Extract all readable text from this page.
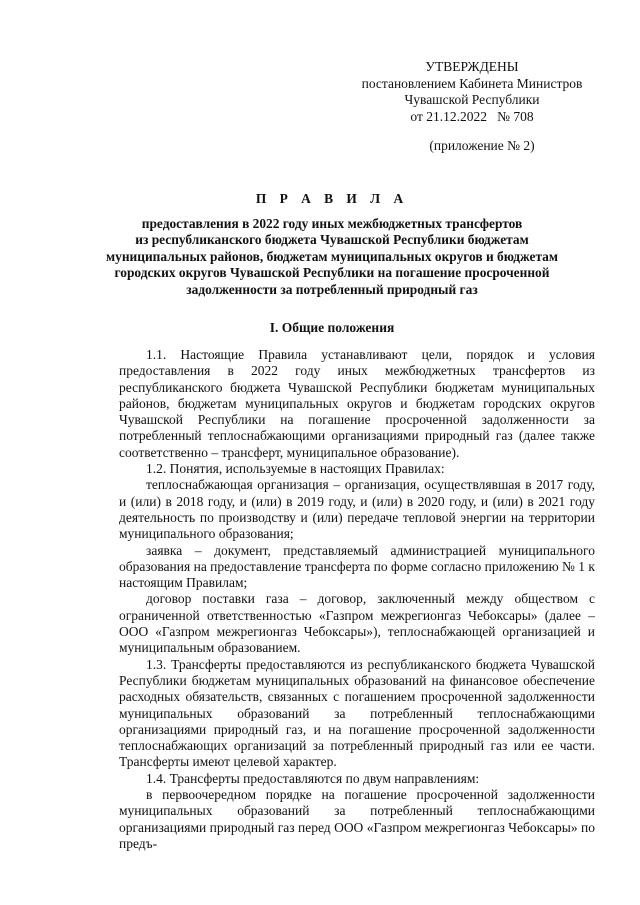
УТВЕРЖДЕНЫ
постановлением Кабинета Министров
Чувашской Республики
от 21.12.2022   № 708
(приложение № 2)
П Р А В И Л А
предоставления в 2022 году иных межбюджетных трансфертов
из республиканского бюджета Чувашской Республики бюджетам
муниципальных районов, бюджетам муниципальных округов и бюджетам
городских округов Чувашской Республики на погашение просроченной
задолженности за потребленный природный газ
I. Общие положения

1.1. Настоящие Правила устанавливают цели, порядок и условия предоставления в 2022 году иных межбюджетных трансфертов из республиканского бюджета Чувашской Республики бюджетам муниципальных районов, бюджетам муниципальных округов и бюджетам городских округов Чувашской Республики на погашение просроченной задолженности за потребленный теплоснабжающими организациями природный газ (далее также соответственно – трансферт, муниципальное образование).

1.2. Понятия, используемые в настоящих Правилах:

теплоснабжающая организация – организация, осуществлявшая в 2017 году, и (или) в 2018 году, и (или) в 2019 году, и (или) в 2020 году, и (или) в 2021 году деятельность по производству и (или) передаче тепловой энергии на территории муниципального образования;

заявка – документ, представляемый администрацией муниципального образования на предоставление трансферта по форме согласно приложению № 1 к настоящим Правилам;

договор поставки газа – договор, заключенный между обществом с ограниченной ответственностью «Газпром межрегионгаз Чебоксары» (далее – ООО «Газпром межрегионгаз Чебоксары»), теплоснабжающей организацией и муниципальным образованием.

1.3. Трансферты предоставляются из республиканского бюджета Чувашской Республики бюджетам муниципальных образований на финансовое обеспечение расходных обязательств, связанных с погашением просроченной задолженности муниципальных образований за потребленный теплоснабжающими организациями природный газ, и на погашение просроченной задолженности теплоснабжающих организаций за потребленный природный газ или ее части. Трансферты имеют целевой характер.

1.4. Трансферты предоставляются по двум направлениям:

в первоочередном порядке на погашение просроченной задолженности муниципальных образований за потребленный теплоснабжающими организациями природный газ перед ООО «Газпром межрегионгаз Чебоксары» по предъ-
